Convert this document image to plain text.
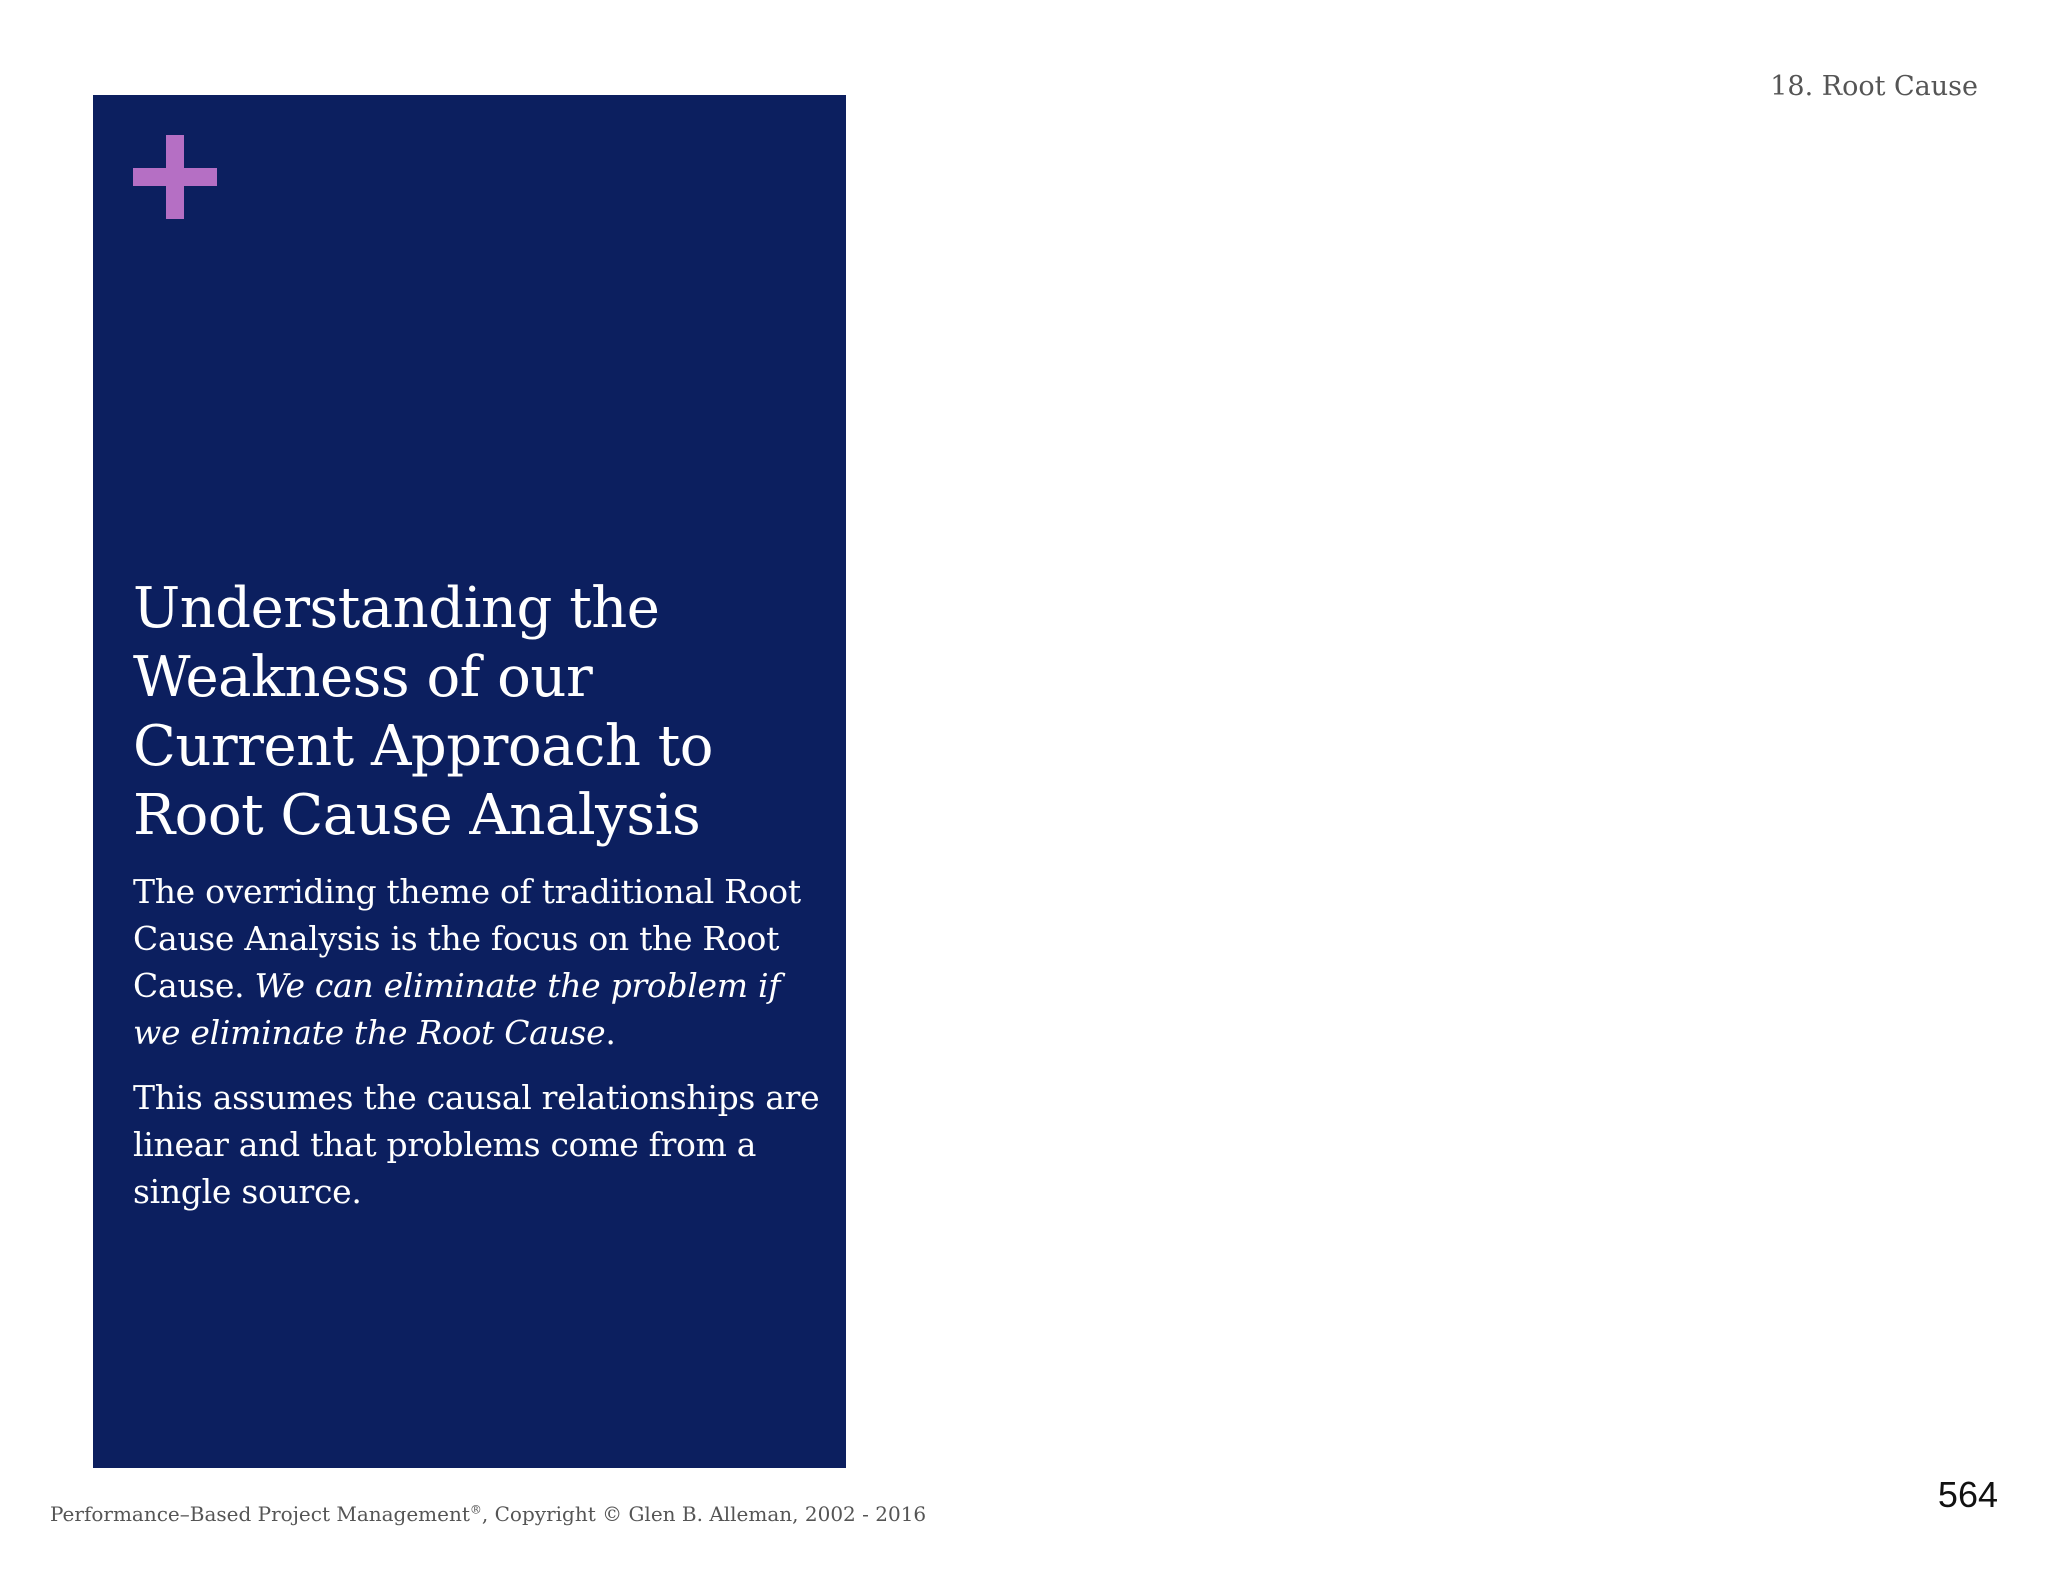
18. Root Cause
Understanding the Weakness of our Current Approach to Root Cause Analysis

The overriding theme of traditional Root Cause Analysis is the focus on the Root Cause. We can eliminate the problem if we eliminate the Root Cause.

This assumes the causal relationships are linear and that problems come from a single source.

Performance–Based Project Management®, Copyright © Glen B. Alleman, 2002 - 2016	564
